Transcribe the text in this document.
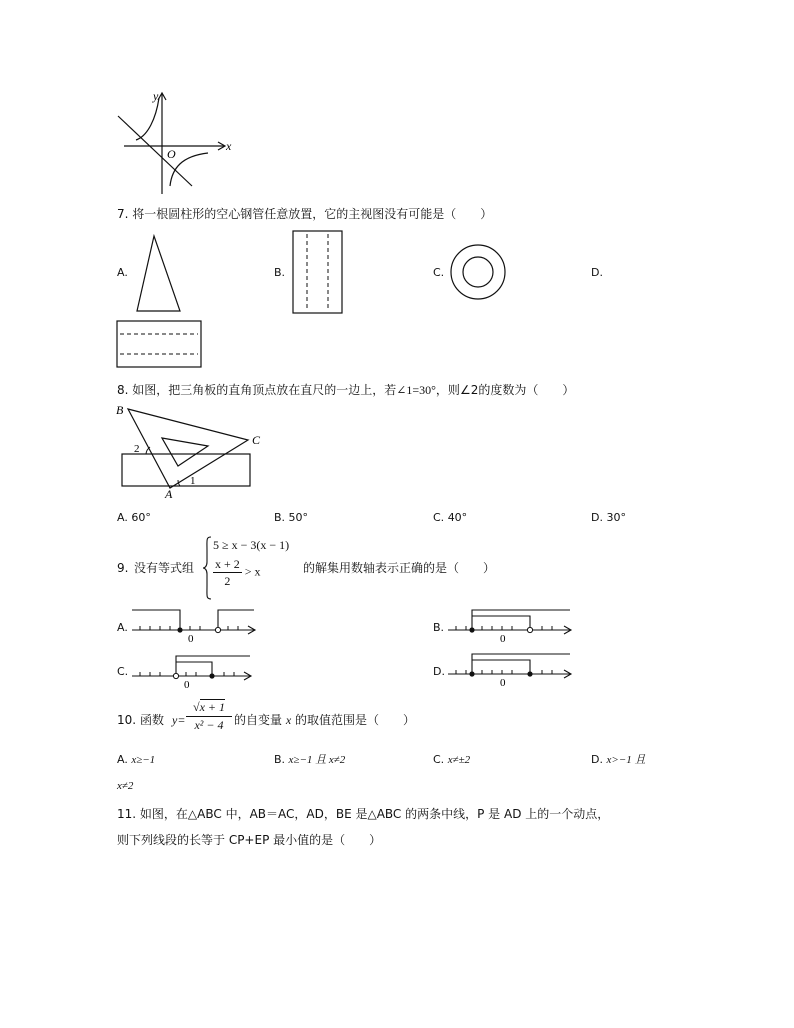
y
x
O
7. 将一根圆柱形的空心钢管任意放置，它的主视图没有可能是（　　）
A.	B.	C.	D.
8. 如图，把三角板的直角顶点放在直尺的一边上，若∠1=30°，则∠2的度数为（　　）
B
C
A
1
2
A. 60°	B. 50°	C. 40°	D. 30°
9. 没有等式组
5 ≥ x − 3(x − 1)
$\frac{x + 2}{2} > x$	的解集用数轴表示正确的是（　　）
A.
0
B.
0
C.
0
D.
0
10. 函数 $y= \frac{√x + 1}{\text{x² − 4}}$ 的自变量 x 的取值范围是（　　）
A. x≥−1	B. x≥−1 且 x≠2	C. x≠±2	D. x>−1 且
x≠2
11. 如图，在△ABC 中，AB＝AC，AD，BE 是△ABC 的两条中线，P 是 AD 上的一个动点，
则下列线段的长等于 CP+EP 最小值的是（　　）
